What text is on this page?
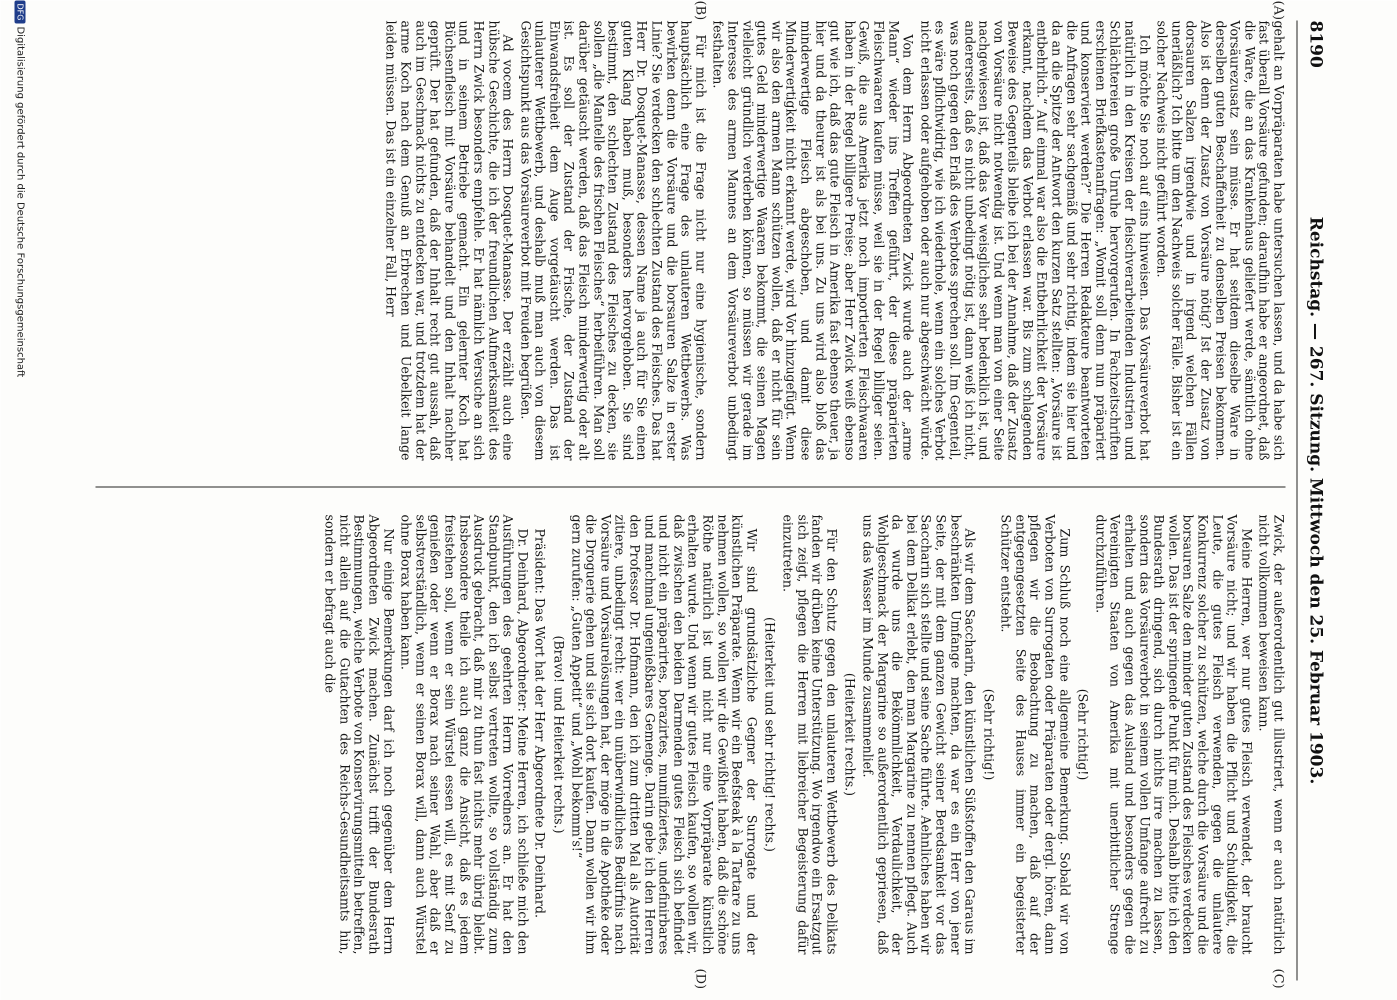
8190
Reichstag. — 267. Sitzung. Mittwoch den 25. Februar 1903.
(A)
(B)
(C)
(D)

gehalt an Vorpräparaten habe untersuchen lassen, und da habe sich fast überall Vorsäure gefunden; daraufhin habe er angeordnet, daß die Ware, die an das Krankenhaus geliefert werde, sämtlich ohne Vorsäurezusatz sein müsse. Er hat seitdem dieselbe Ware in derselben guten Beschaffenheit zu denselben Preisen bekommen. Also ist denn der Zusatz von Vorsäure nötig? Ist der Zusatz von dorsauren Salzen irgendwie und in irgend welchen Fällen unerläßlich? Ich bitte um den Nachweis solcher Fälle. Bisher ist ein solcher Nachweis nicht geführt worden.

Ich möchte Sie noch auf eins hinweisen. Das Vorsäureverbot hat natürlich in den Kreisen der fleischverarbeitenden Industrien und Schlächtereien große Unruhe hervorgerufen. In Fachzeitschriften erschienen Briefkastenanfragen: „Womit soll denn nun präpariert und konserviert werden?“ Die Herren Redakteure beantworteten die Anfragen sehr sachgemäß und sehr richtig, indem sie hier und da an die Spitze der Antwort den kurzen Satz stellten: „Vorsäure ist entbehrlich.“ Auf einmal war also die Entbehrlichkeit der Vorsäure erkannt, nachdem das Verbot erlassen war. Bis zum schlagenden Beweise des Gegenteils bleibe ich bei der Annahme, daß der Zusatz von Vorsäure nicht notwendig ist. Und wenn man von einer Seite nachgewiesen ist, daß das Vor weisgliches sehr bedenklich ist, und andererseits, daß es nicht unbedingt nötig ist, dann weiß ich nicht, was noch gegen den Erlaß des Verbotes sprechen soll. Im Gegenteil, es wäre pflichtwidrig, wie ich wiederhole, wenn ein solches Verbot nicht erlassen oder aufgehoben oder auch nur abgeschwächt würde.

Von dem Herrn Abgeordneten Zwick wurde auch der „arme Mann“ wieder ins Treffen geführt, der diese präparierten Fleischwaaren kaufen müsse, weil sie in der Regel billiger seien. Gewiß, die aus Amerika jetzt noch importierten Fleischwaaren haben in der Regel billigere Preise; aber Herr Zwick weiß ebenso gut wie ich, daß das gute Fleisch in Amerika fast ebenso theuer, ja hier und da theurer ist als bei uns. Zu uns wird also bloß das minderwertige Fleisch abgeschoben, und damit diese Minderwertigkeit nicht erkannt werde, wird Vor hinzugefügt. Wenn wir also den armen Mann schützen wollen, daß er nicht für sein gutes Geld minderwertige Waaren bekommt, die seinen Magen vielleicht gründlich verderben können, so müssen wir gerade im Interesse des armen Mannes an dem Vorsäureverbot unbedingt festhalten.

Für mich ist die Frage nicht nur eine hygienische, sondern hauptsächlich eine Frage des unlauteren Wettbewerbs. Was bewirken denn die Vorsäure und die borsauren Salze in erster Linie? Sie verdecken den schlechten Zustand des Fleisches. Das hat Herr Dr. Dosquet-Manasse, dessen Name ja auch für Sie einen guten Klang haben muß, besonders hervorgehoben. Sie sind bestimmt, den schlechten Zustand des Fleisches zu decken, sie sollen „die Mantelle des frischen Fleisches“ herbeiführen. Man soll darüber getäuscht werden, daß das Fleisch minderwertig oder alt ist. Es soll der Zustand der Frische, der Zustand der Einwandsfreiheit dem Auge vorgetäuscht werden. Das ist unlauterer Wettbewerb, und deshalb muß man auch von diesem Gesichtspunkt aus das Vorsäureverbot mit Freuden begrüßen.

Ad vocem des Herrn Dosquet-Manasse. Der erzählt auch eine hübsche Geschichte, die ich der freundlichen Aufmerksamkeit des Herrn Zwick besonders empfehle. Er hat nämlich Versuche an sich und in seinem Betriebe gemacht. Ein gelernter Koch hat Büchsenfleisch mit Vorsäure behandelt und den Inhalt nachher geprüft. Der hat gefunden, daß der Inhalt recht gut aussah, daß auch im Geschmack nichts zu entdecken war, und trotzdem hat der arme Koch nach dem Genuß an Erbrechen und Uebelkeit lange leiden müssen. Das ist ein einzelner Fall, Herr

Zwick, der außerordentlich gut illustriert, wenn er auch natürlich nicht vollkommen beweisen kann.

Meine Herren, wer nur gutes Fleisch verwendet, der braucht Vorsäure nicht; und wir haben die Pflicht und Schuldigkeit, die Leute, die gutes Fleisch verwenden, gegen die unlautere Konkurrenz solcher zu schützen, welche durch die Vorsäure und die borsauren Salze den minder guten Zustand des Fleisches verdecken wollen. Das ist der springende Punkt für mich. Deshalb bitte ich den Bundesrath dringend, sich durch nichts irre machen zu lassen, sondern das Vorsäureverbot in seinem vollen Umfange aufrecht zu erhalten und auch gegen das Ausland und besonders gegen die Vereinigten Staaten von Amerika mit unerbittlicher Strenge durchzuführen.

(Sehr richtig!)

Zum Schluß noch eine allgemeine Bemerkung. Sobald wir von Verboten von Surrogaten oder Präparaten oder dergl. hören, dann pflegen wir die Beobachtung zu machen, daß auf der entgegengesetzten Seite des Hauses immer ein begeisterter Schützer entsteht.

(Sehr richtig!)

Als wir dem Saccharin, den künstlichen Süßstoffen den Garaus im beschränkten Umfange machten, da war es ein Herr von jener Seite, der mit dem ganzen Gewicht seiner Beredsamkeit vor das Saccharin sich stellte und seine Sache führte. Aehnliches haben wir bei dem Delikat erlebt, den man Margarine zu nennen pflegt. Auch da wurde uns die Bekömmlichkeit, Verdaulichkeit, der Wohlgeschmack der Margarine so außerordentlich gepriesen, daß uns das Wasser im Munde zusammenlief.

(Heiterkeit rechts.)

Für den Schutz gegen den unlauteren Wettbewerb des Delikats fanden wir drüben keine Unterstützung. Wo irgendwo ein Ersatzgut sich zeigt, pflegen die Herren mit liebreicher Begeisterung dafür einzutreten.

(Heiterkeit und sehr richtig! rechts.)

Wir sind grundsätzliche Gegner der Surrogate und der künstlichen Präparate. Wenn wir ein Beefsteak à la Tartare zu uns nehmen wollen, so wollen wir die Gewißheit haben, daß die schöne Röthe natürlich ist und nicht nur eine Vorpräparate künstlich erhalten wurde. Und wenn wir gutes Fleisch kaufen, so wollen wir, daß zwischen den beiden Darmenden gutes Fleisch sich befindet und nicht ein präparirtes, borazirtes, mumifiziertes, undefinirbares und manchmal ungenießbares Gemenge. Darin gebe ich den Herren den Professor Dr. Hofmann, den ich zum dritten Mal als Autorität zitiere, unbedingt recht: wer ein unüberwindliches Bedürfnis nach Vorsäure und Vorsäurelösungen hat, der möge in die Apotheke oder die Droguerie gehen und sie sich dort kaufen. Dann wollen wir ihm gern zurufen: „Guten Appetit“ und „Wohl bekomm's!“

(Bravo! und Heiterkeit rechts.)

Präsident: Das Wort hat der Herr Abgeordnete Dr. Deinhard.

Dr. Deinhard, Abgeordneter: Meine Herren, ich schließe mich den Ausführungen des geehrten Herrn Vorredners an. Er hat den Standpunkt, den ich selbst vertreten wollte, so vollständig zum Ausdruck gebracht, daß mir zu thun fast nichts mehr übrig bleibt. Insbesondere theile ich auch ganz die Ansicht, daß es jedem freistehen soll, wenn er sein Würstel essen will, es mit Senf zu genießen oder wenn er Borax nach seiner Wahl, aber daß er selbstverständlich, wenn er seinen Borax will, dann auch Würstel ohne Borax haben kann.

Nur einige Bemerkungen darf ich noch gegenüber dem Herrn Abgeordneten Zwick machen. Zunächst trifft der Bundesrath Bestimmungen, welche Verbote von Konservirungsmitteln betreffen, nicht allein auf die Gutachten des Reichs-Gesundheitsamts hin, sondern er befragt auch die

DFGDigitalisierung gefördert durch die Deutsche Forschungsgemeinschaft
